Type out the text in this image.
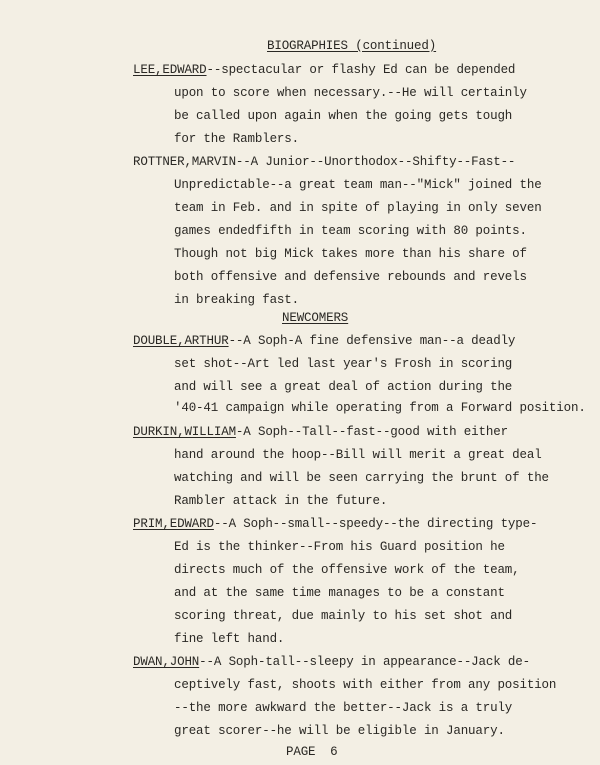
BIOGRAPHIES (continued)
LEE,EDWARD--spectacular or flashy Ed can be depended
upon to score when necessary.--He will certainly
be called upon again when the going gets tough
for the Ramblers.
ROTTNER,MARVIN--A Junior--Unorthodox--Shifty--Fast--
Unpredictable--a great team man--"Mick" joined the
team in Feb. and in spite of playing in only seven
games endedfifth in team scoring with 80 points.
Though not big Mick takes more than his share of
both offensive and defensive rebounds and revels
in breaking fast.
NEWCOMERS
DOUBLE,ARTHUR--A Soph-A fine defensive man--a deadly
set shot--Art led last year's Frosh in scoring
and will see a great deal of action during the
'40-41 campaign while operating from a Forward position.
DURKIN,WILLIAM-A Soph--Tall--fast--good with either
hand around the hoop--Bill will merit a great deal
watching and will be seen carrying the brunt of the
Rambler attack in the future.
PRIM,EDWARD--A Soph--small--speedy--the directing type-
Ed is the thinker--From his Guard position he
directs much of the offensive work of the team,
and at the same time manages to be a constant
scoring threat, due mainly to his set shot and
fine left hand.
DWAN,JOHN--A Soph-tall--sleepy in appearance--Jack de-
ceptively fast, shoots with either from any position
--the more awkward the better--Jack is a truly
great scorer--he will be eligible in January.
PAGE  6
